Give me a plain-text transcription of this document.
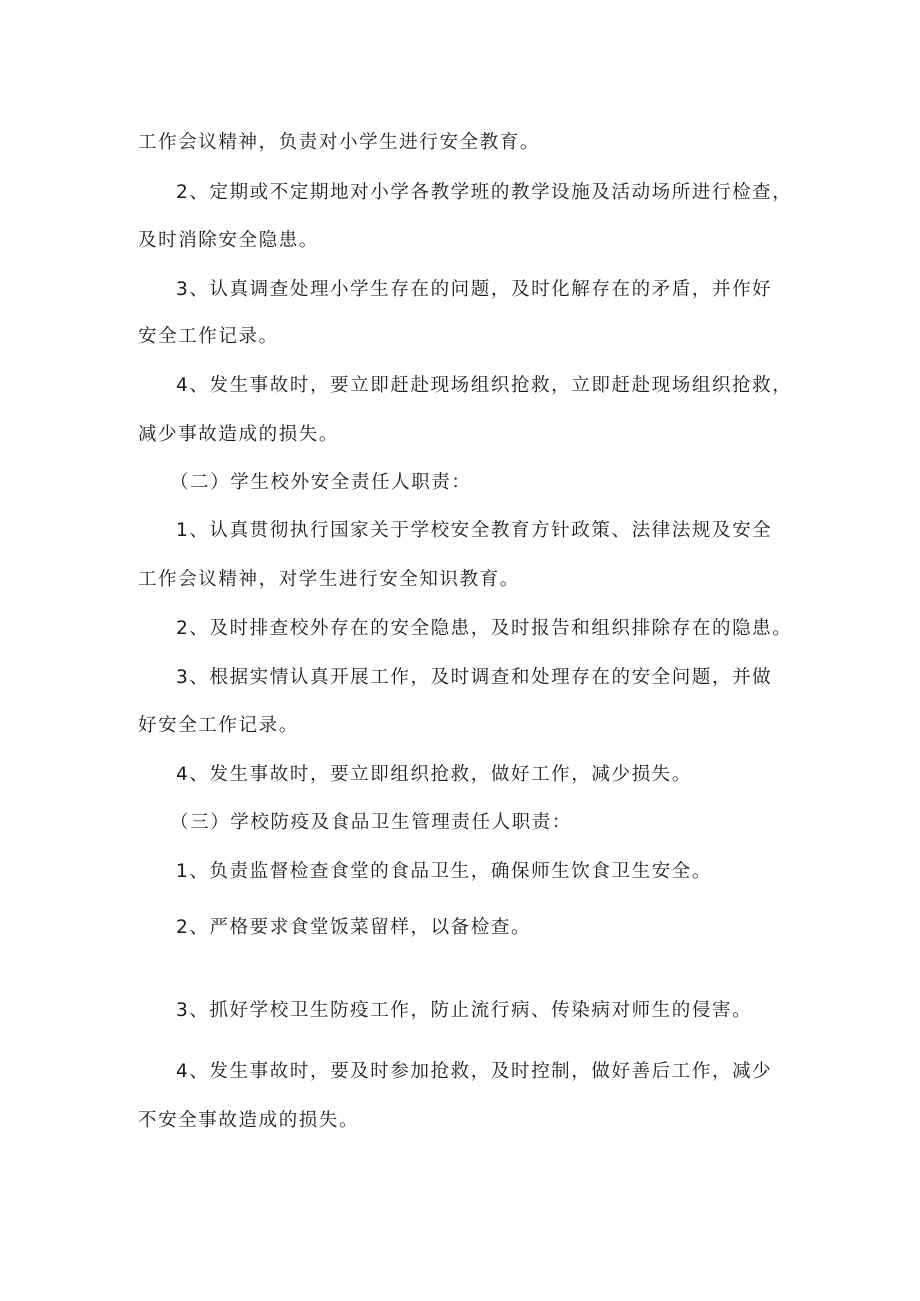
工作会议精神，负责对小学生进行安全教育。
2、定期或不定期地对小学各教学班的教学设施及活动场所进行检查，
及时消除安全隐患。
3、认真调查处理小学生存在的问题，及时化解存在的矛盾，并作好
安全工作记录。
4、发生事故时，要立即赶赴现场组织抢救，立即赶赴现场组织抢救，
减少事故造成的损失。
（二）学生校外安全责任人职责：
1、认真贯彻执行国家关于学校安全教育方针政策、法律法规及安全
工作会议精神，对学生进行安全知识教育。
2、及时排查校外存在的安全隐患，及时报告和组织排除存在的隐患。
3、根据实情认真开展工作，及时调查和处理存在的安全问题，并做
好安全工作记录。
4、发生事故时，要立即组织抢救，做好工作，减少损失。
（三）学校防疫及食品卫生管理责任人职责：
1、负责监督检查食堂的食品卫生，确保师生饮食卫生安全。
2、严格要求食堂饭菜留样，以备检查。
3、抓好学校卫生防疫工作，防止流行病、传染病对师生的侵害。
4、发生事故时，要及时参加抢救，及时控制，做好善后工作，减少
不安全事故造成的损失。
